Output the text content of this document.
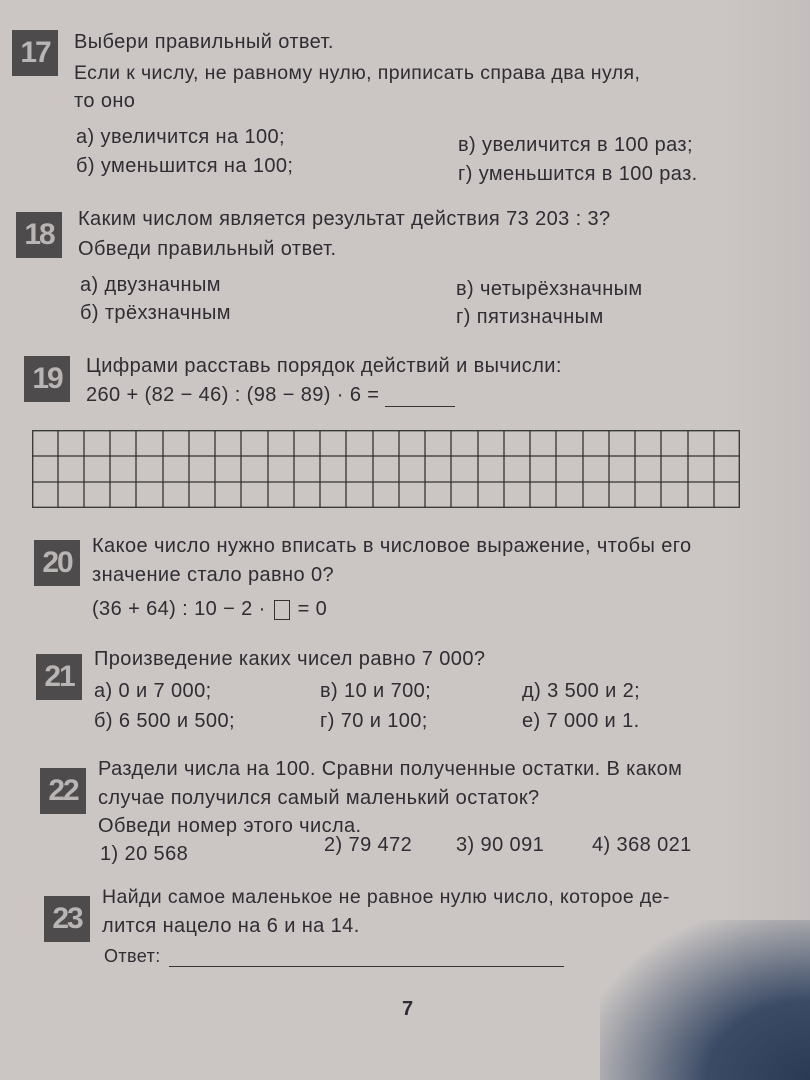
17	Выбери правильный ответ.
Если к числу, не равному нулю, приписать справа два нуля,
то оно
а) увеличится на 100;
б) уменьшится на 100;
в) увеличится в 100 раз;
г) уменьшится в 100 раз.
18	Каким числом является результат действия 73 203 : 3?
Обведи правильный ответ.
а) двузначным
б) трёхзначным
в) четырёхзначным
г) пятизначным
19	Цифрами расставь порядок действий и вычисли:
260 + (82 − 46) : (98 − 89) · 6 =
20	Какое число нужно вписать в числовое выражение, чтобы его
значение стало равно 0?
(36 + 64) : 10 − 2 · = 0
21
Произведение каких чисел равно 7 000?
а) 0 и 7 000;	в) 10 и 700;	д) 3 500 и 2;
б) 6 500 и 500;	г) 70 и 100;	е) 7 000 и 1.
22
Раздели числа на 100. Сравни полученные остатки. В каком
случае получился самый маленький остаток?
Обведи номер этого числа.
1) 20 568	2) 79 472 3) 90 091 4) 368 021
23
Найди самое маленькое не равное нулю число, которое де-
лится нацело на 6 и на 14.
Ответ:
7
